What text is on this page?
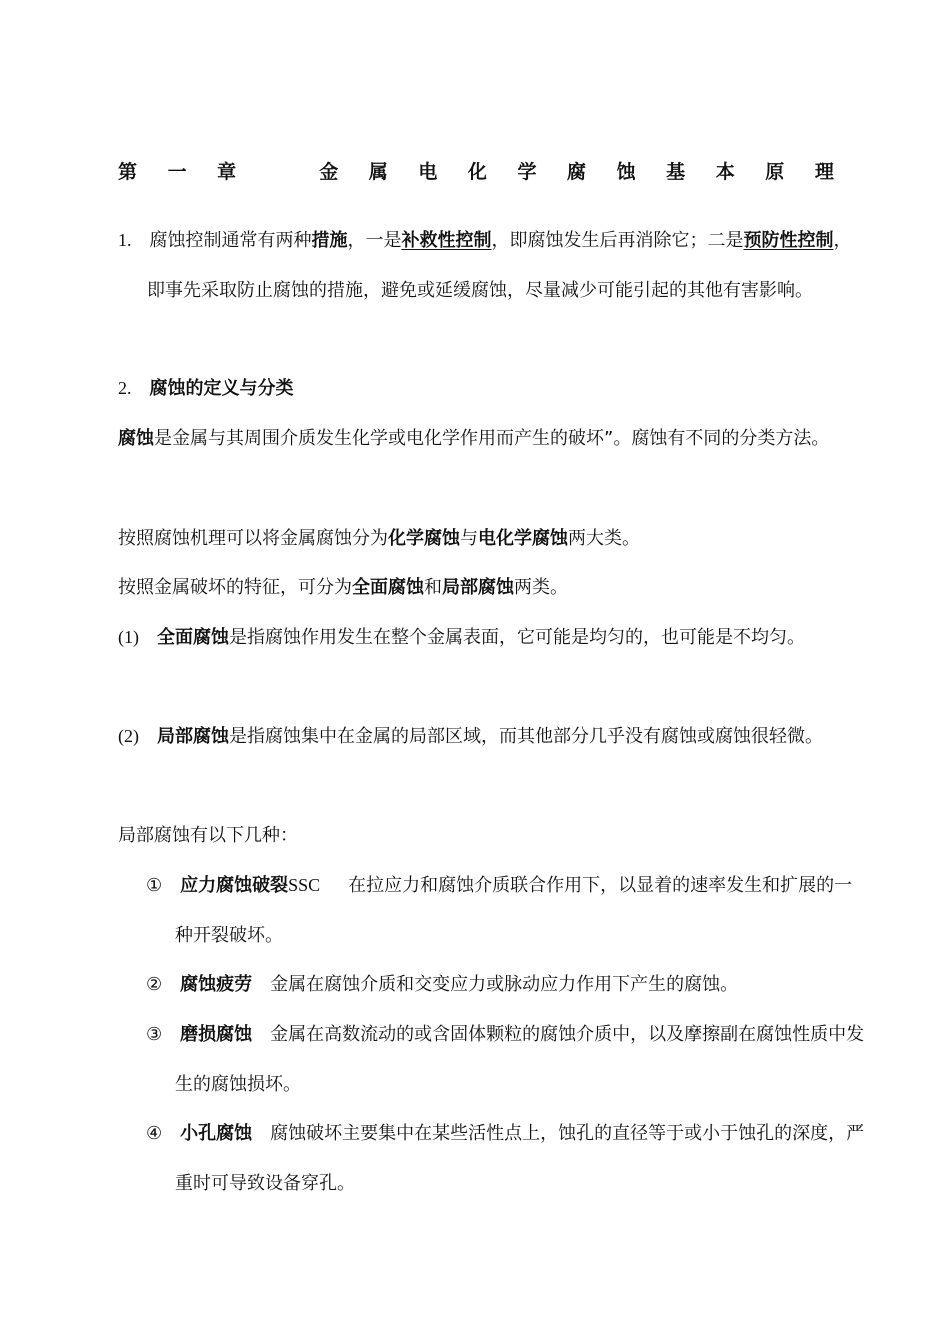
第 一 章	金 属 电 化 学 腐 蚀 基 本 原 理

1. 腐蚀控制通常有两种措施，一是补救性控制，即腐蚀发生后再消除它；二是预防性控制，即事先采取防止腐蚀的措施，避免或延缓腐蚀，尽量减少可能引起的其他有害影响。

2. 腐蚀的定义与分类

腐蚀是金属与其周围介质发生化学或电化学作用而产生的破坏”。腐蚀有不同的分类方法。

按照腐蚀机理可以将金属腐蚀分为化学腐蚀与电化学腐蚀两大类。

按照金属破坏的特征，可分为全面腐蚀和局部腐蚀两类。

(1) 全面腐蚀是指腐蚀作用发生在整个金属表面，它可能是均匀的，也可能是不均匀。

(2) 局部腐蚀是指腐蚀集中在金属的局部区域，而其他部分几乎没有腐蚀或腐蚀很轻微。

局部腐蚀有以下几种：

① 应力腐蚀破裂SSC 在拉应力和腐蚀介质联合作用下，以显着的速率发生和扩展的一种开裂破坏。

② 腐蚀疲劳 金属在腐蚀介质和交变应力或脉动应力作用下产生的腐蚀。

③ 磨损腐蚀 金属在高数流动的或含固体颗粒的腐蚀介质中，以及摩擦副在腐蚀性质中发生的腐蚀损坏。

④ 小孔腐蚀 腐蚀破坏主要集中在某些活性点上，蚀孔的直径等于或小于蚀孔的深度，严重时可导致设备穿孔。
